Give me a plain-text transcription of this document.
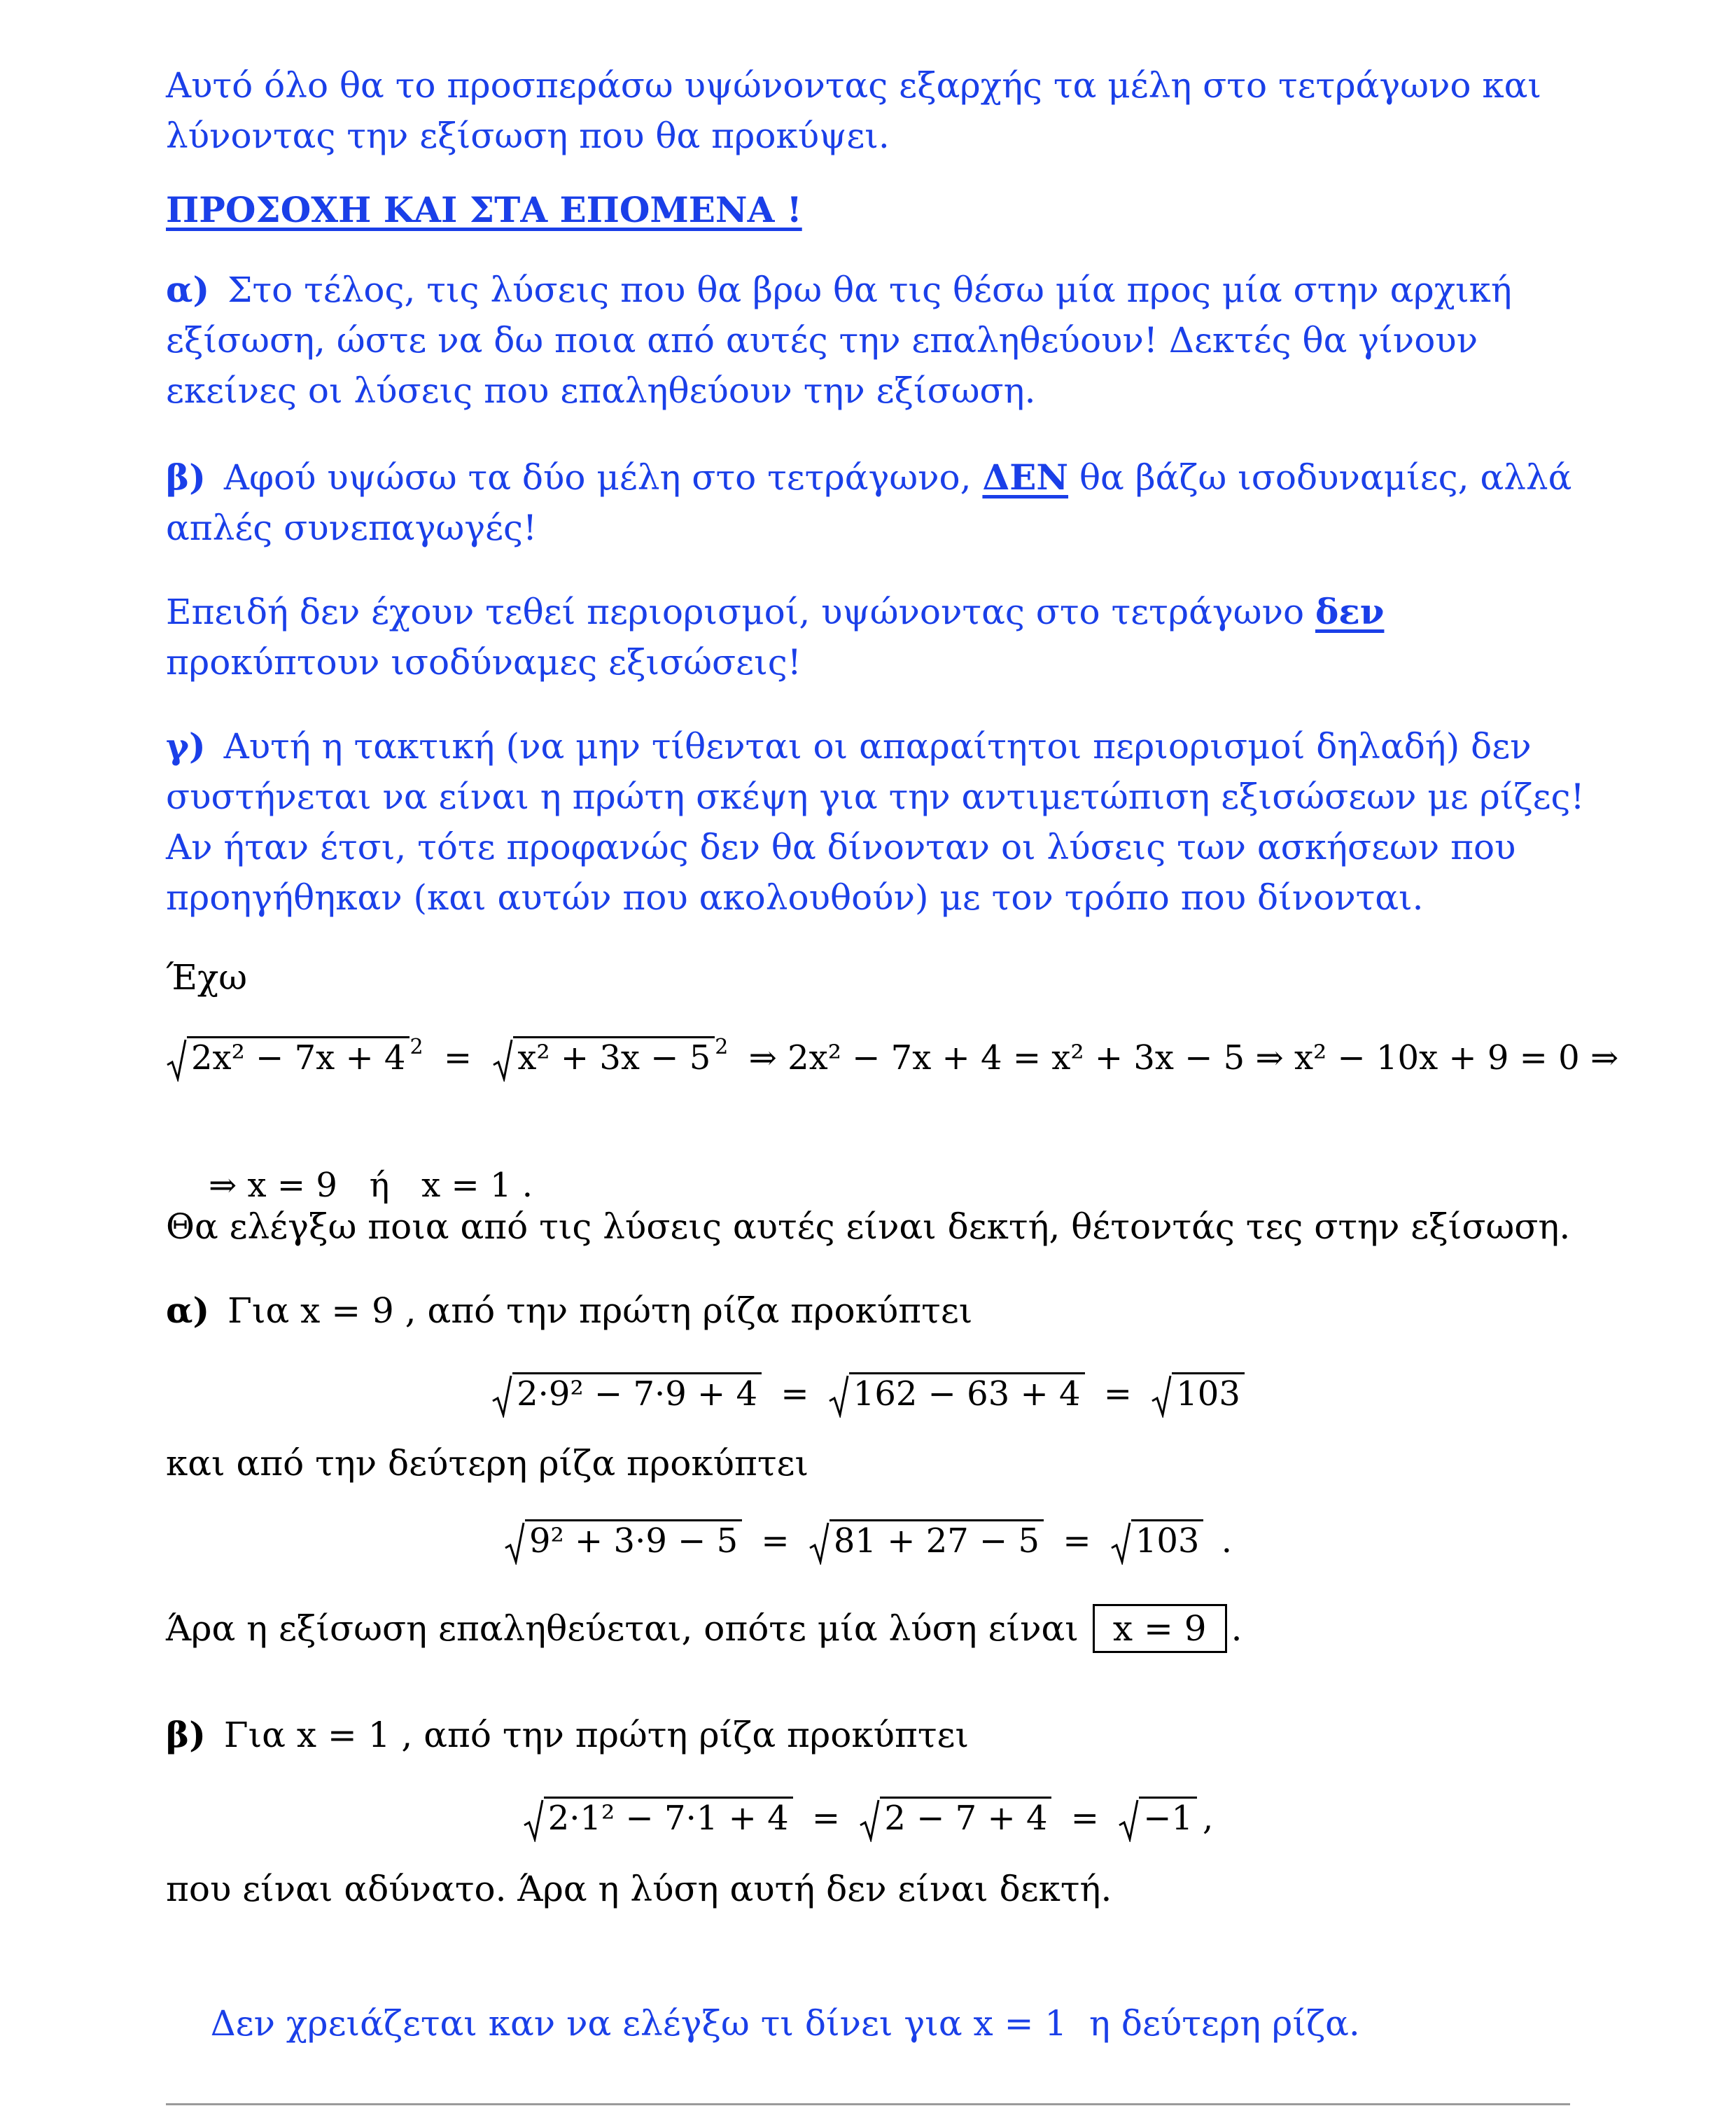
Αυτό όλο θα το προσπεράσω υψώνοντας εξαρχής τα μέλη στο τετράγωνο και λύνοντας την εξίσωση που θα προκύψει.
ΠΡΟΣΟΧΗ ΚΑΙ ΣΤΑ ΕΠΟΜΕΝΑ !
α) Στο τέλος, τις λύσεις που θα βρω θα τις θέσω μία προς μία στην αρχική εξίσωση, ώστε να δω ποια από αυτές την επαληθεύουν! Δεκτές θα γίνουν εκείνες οι λύσεις που επαληθεύουν την εξίσωση.
β) Αφού υψώσω τα δύο μέλη στο τετράγωνο, ΔΕΝ θα βάζω ισοδυναμίες, αλλά απλές συνεπαγωγές!
Επειδή δεν έχουν τεθεί περιορισμοί, υψώνοντας στο τετράγωνο δεν προκύπτουν ισοδύναμες εξισώσεις!
γ) Αυτή η τακτική (να μην τίθενται οι απαραίτητοι περιορισμοί δηλαδή) δεν συστήνεται να είναι η πρώτη σκέψη για την αντιμετώπιση εξισώσεων με ρίζες! Αν ήταν έτσι, τότε προφανώς δεν θα δίνονταν οι λύσεις των ασκήσεων που προηγήθηκαν (και αυτών που ακολουθούν) με τον τρόπο που δίνονται.
Έχω
2x² − 7x + 4 $^2$ = x² + 3x − 5 $^2$ ⇒ 2x² − 7x + 4 = x² + 3x − 5 ⇒ x² − 10x + 9 = 0 ⇒

⇒ x = 9   ή   x = 1 .

Θα ελέγξω ποια από τις λύσεις αυτές είναι δεκτή, θέτοντάς τες στην εξίσωση.
α) Για x = 9 , από την πρώτη ρίζα προκύπτει
2·9² − 7·9 + 4 = 162 − 63 + 4 = 103
και από την δεύτερη ρίζα προκύπτει
9² + 3·9 − 5 = 81 + 27 − 5 = 103 .
Άρα η εξίσωση επαληθεύεται, οπότε μία λύση είναι x = 9 .
β) Για x = 1 , από την πρώτη ρίζα προκύπτει
2·1² − 7·1 + 4 = 2 − 7 + 4 = −1 ,
που είναι αδύνατο. Άρα η λύση αυτή δεν είναι δεκτή.

Δεν χρειάζεται καν να ελέγξω τι δίνει για x = 1  η δεύτερη ρίζα.
